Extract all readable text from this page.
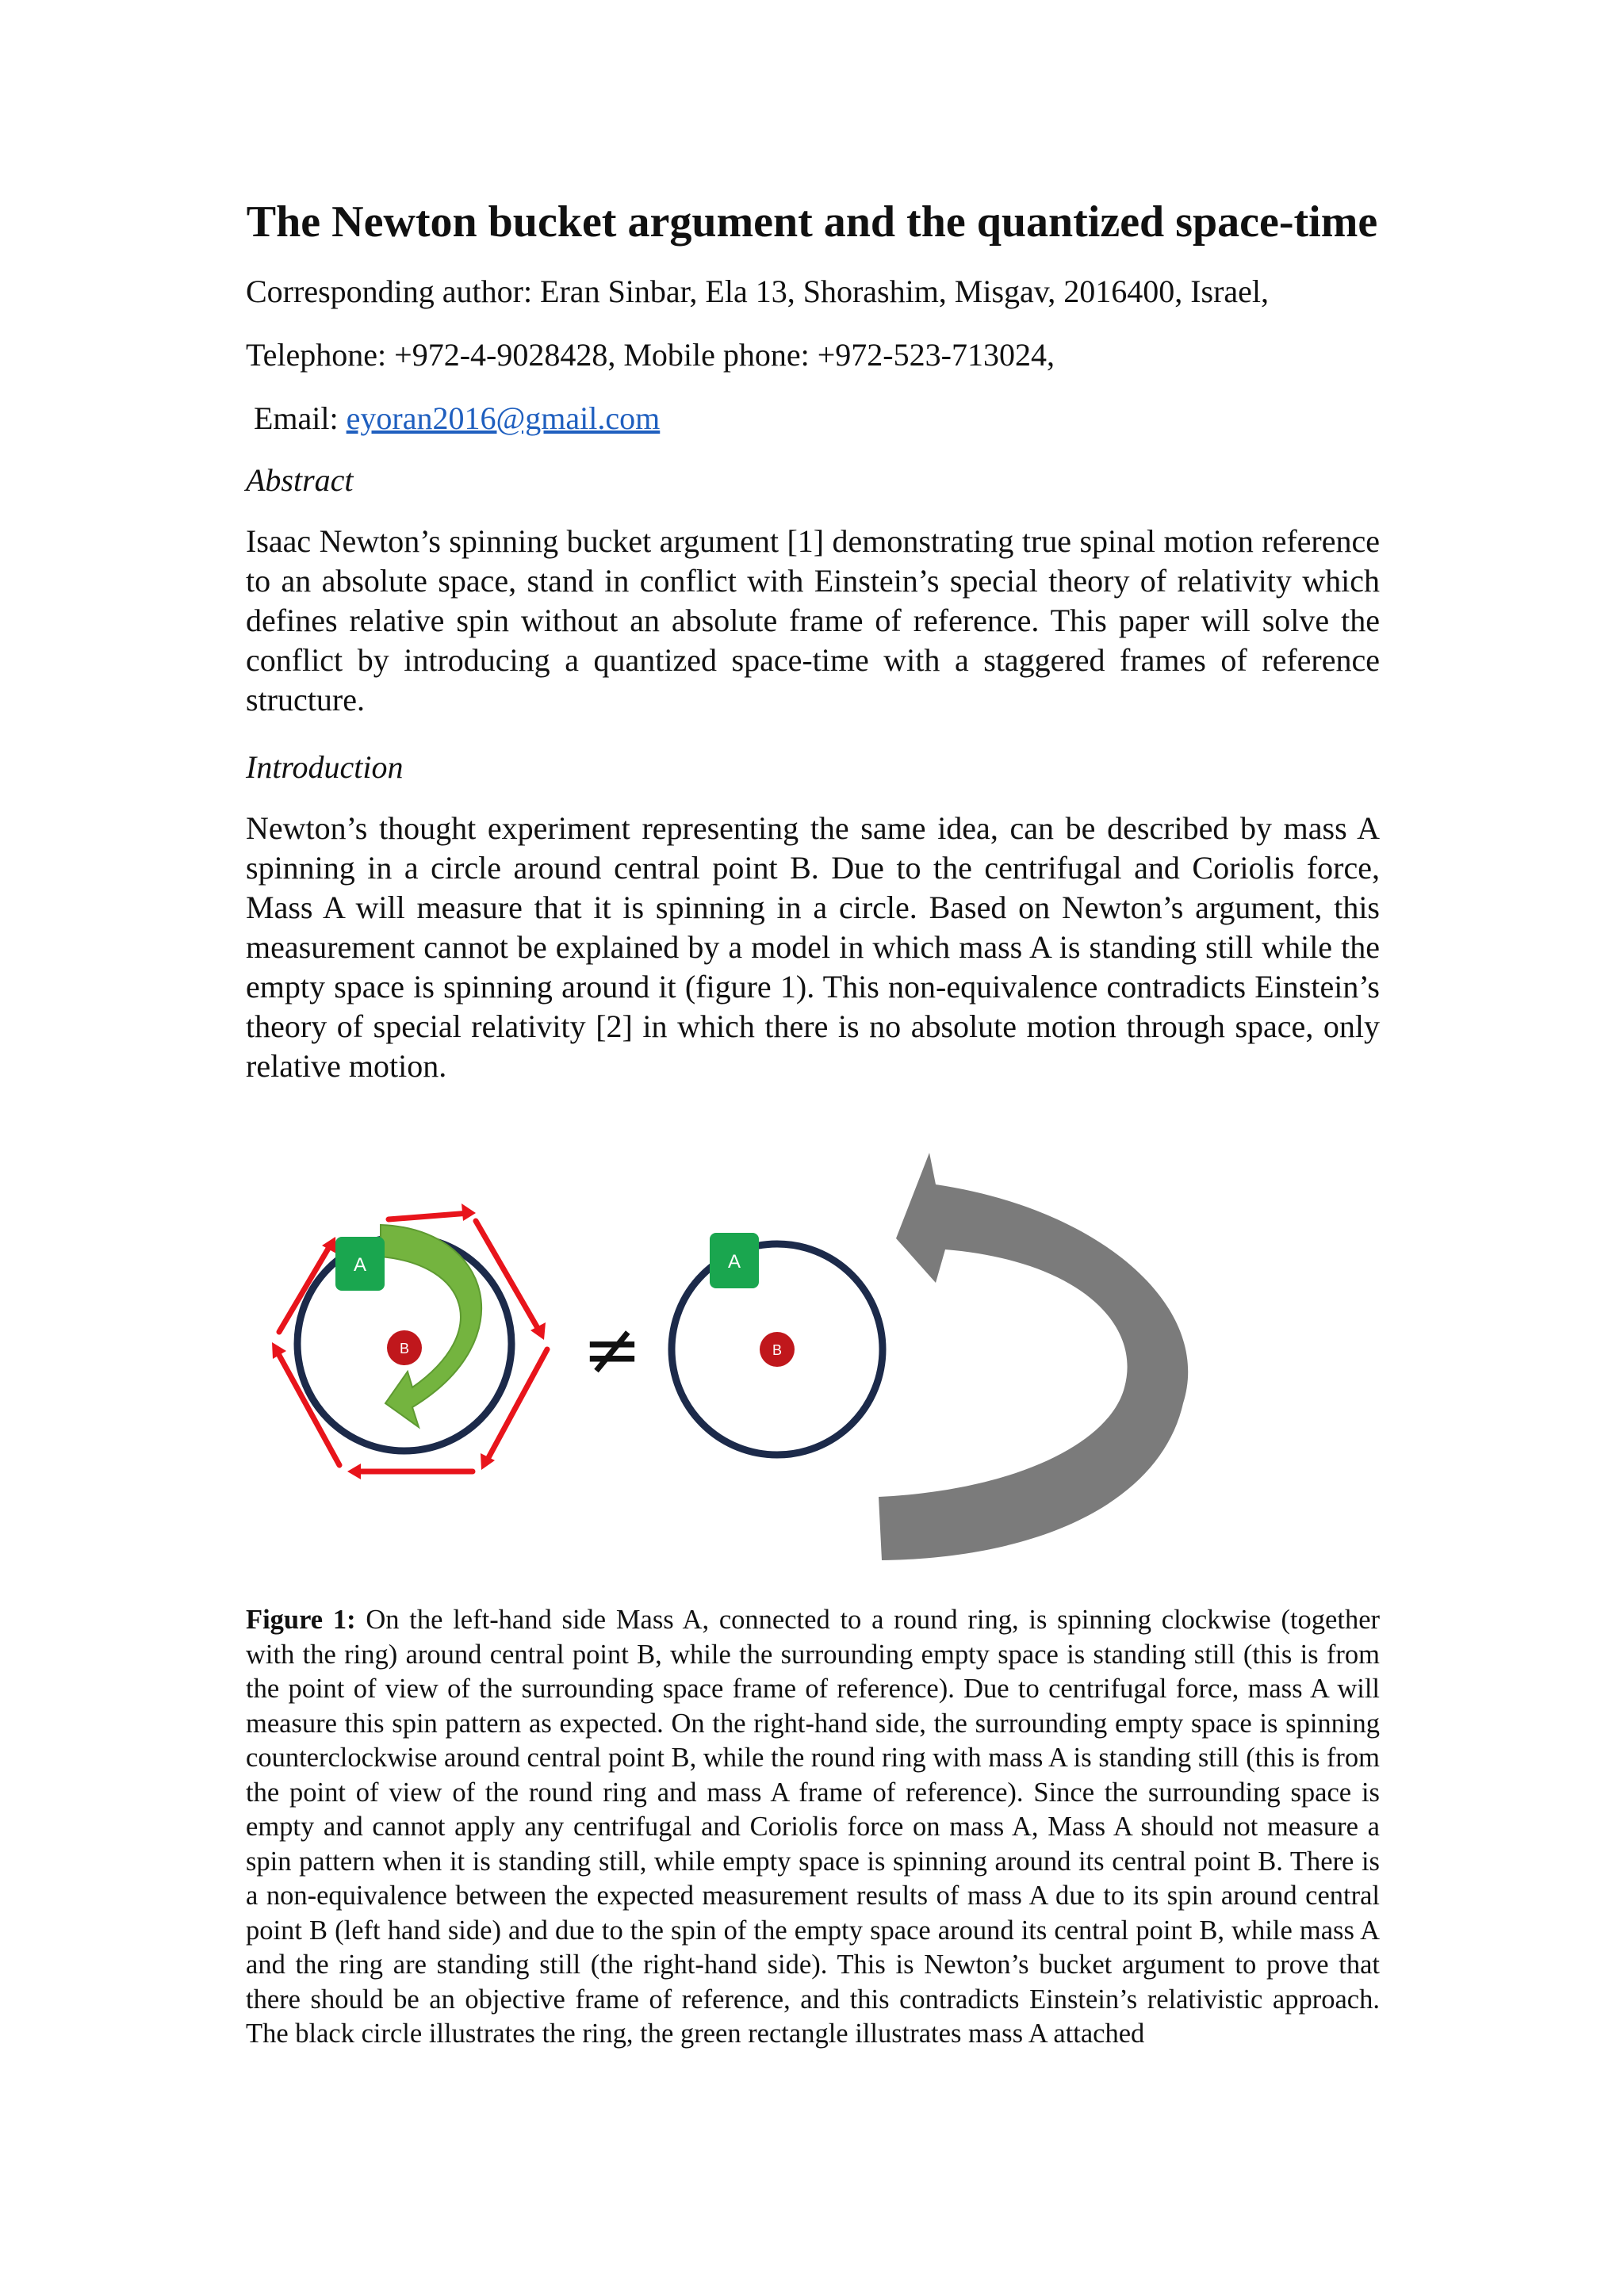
The Newton bucket argument and the quantized space-time
Corresponding author: Eran Sinbar, Ela 13, Shorashim, Misgav, 2016400, Israel,
Telephone: +972-4-9028428, Mobile phone: +972-523-713024,
Email: eyoran2016@gmail.com
Abstract

Isaac Newton’s spinning bucket argument [1] demonstrating true spinal motion reference to an absolute space, stand in conflict with Einstein’s special theory of relativity which defines relative spin without an absolute frame of reference. This paper will solve the conflict by introducing a quantized space-time with a staggered frames of reference structure.

Introduction

Newton’s thought experiment representing the same idea, can be described by mass A spinning in a circle around central point B. Due to the centrifugal and Coriolis force, Mass A will measure that it is spinning in a circle. Based on Newton’s argument, this measurement cannot be explained by a model in which mass A is standing still while the empty space is spinning around it (figure 1). This non-equivalence contradicts Einstein’s theory of special relativity [2] in which there is no absolute motion through space, only relative motion.

A
B ≠
A
B

Figure 1: On the left-hand side Mass A, connected to a round ring, is spinning clockwise (together with the ring) around central point B, while the surrounding empty space is standing still (this is from the point of view of the surrounding space frame of reference). Due to centrifugal force, mass A will measure this spin pattern as expected. On the right-hand side, the surrounding empty space is spinning counterclockwise around central point B, while the round ring with mass A is standing still (this is from the point of view of the round ring and mass A frame of reference). Since the surrounding space is empty and cannot apply any centrifugal and Coriolis force on mass A, Mass A should not measure a spin pattern when it is standing still, while empty space is spinning around its central point B. There is a non-equivalence between the expected measurement results of mass A due to its spin around central point B (left hand side) and due to the spin of the empty space around its central point B, while mass A and the ring are standing still (the right-hand side). This is Newton’s bucket argument to prove that there should be an objective frame of reference, and this contradicts Einstein’s relativistic approach. The black circle illustrates the ring, the green rectangle illustrates mass A attached
